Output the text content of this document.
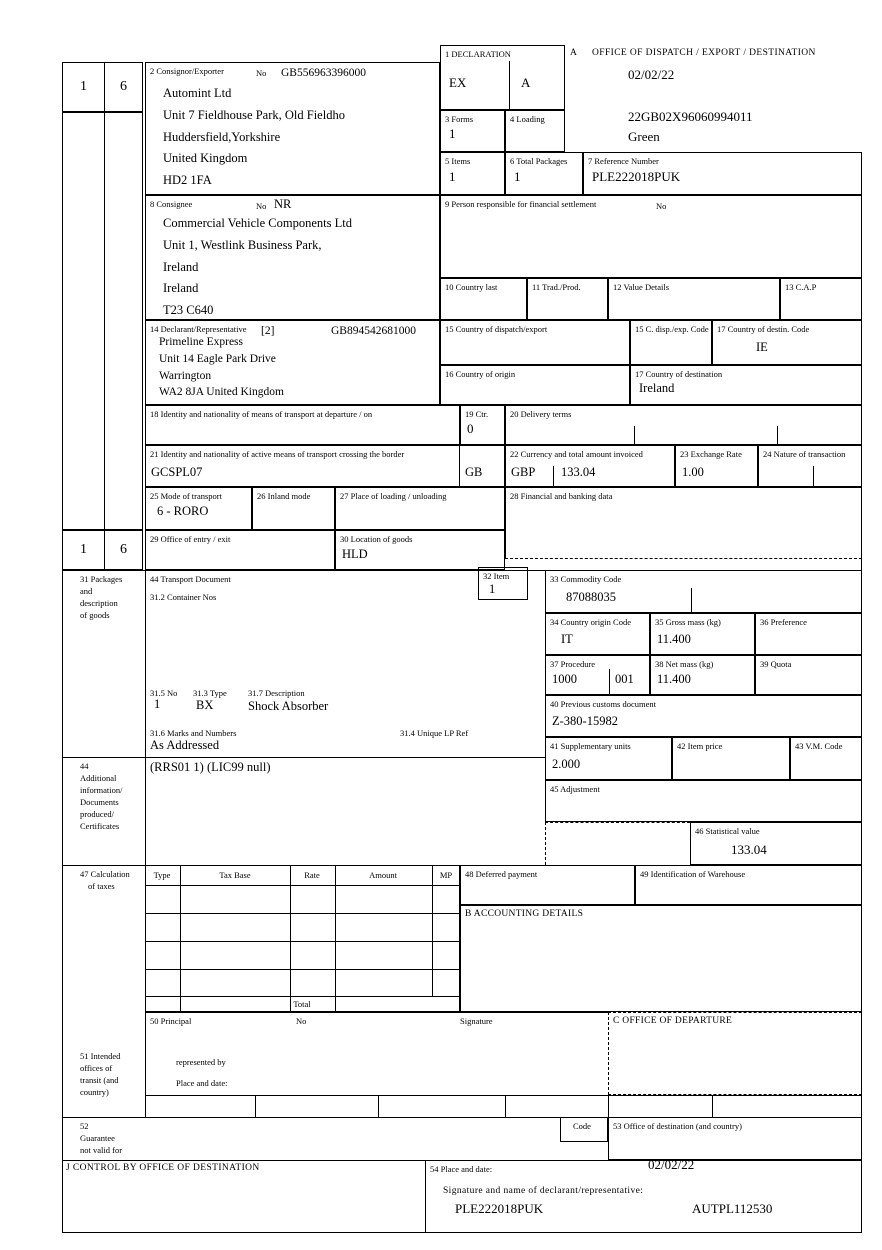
1 6
1 6
1 DECLARATION
EX	A
A OFFICE OF DISPATCH / EXPORT / DESTINATION
02/02/22
22GB02X96060994011
Green
2 Consignor/Exporter	No GB556963396000
Automint Ltd
Unit 7 Fieldhouse Park, Old Fieldho
Huddersfield,Yorkshire
United Kingdom
HD2 1FA
3 Forms
1
4 Loading
5 Items
1
6 Total Packages
1
7 Reference Number
PLE222018PUK
8 Consignee	No NR
Commercial Vehicle Components Ltd
Unit 1, Westlink Business Park,
Ireland
Ireland
T23 C640
9 Person responsible for financial settlement	No
10 Country last	11 Trad./Prod.	12 Value Details	13 C.A.P
14 Declarant/Representative	[2]	GB894542681000
Primeline Express
Unit 14 Eagle Park Drive
Warrington
WA2 8JA United Kingdom
15 Country of dispatch/export	15 C. disp./exp. Code 17 Country of destin. Code
IE
16 Country of origin	17 Country of destination
Ireland
18 Identity and nationality of means of transport at departure / on	19 Ctr.
0
20 Delivery terms
21 Identity and nationality of active means of transport crossing the border
GCSPL07	GB
22 Currency and total amount invoiced
GBP 133.04
23 Exchange Rate
1.00
24 Nature of transaction
25 Mode of transport
6 - RORO
26 Inland mode	27 Place of loading / unloading	28 Financial and banking data
29 Office of entry / exit	30 Location of goods
HLD
31 Packages
and
description
of goods
44 Transport Document
31.2 Container Nos
32 Item
1
33 Commodity Code
87088035
34 Country origin Code
IT
35 Gross mass (kg)
11.400
36 Preference
37 Procedure
1000	001
38 Net mass (kg)
11.400
39 Quota
31.5 No
1
31.3 Type
BX
31.7 Description
Shock Absorber	40 Previous customs document
Z-380-15982
31.6 Marks and Numbers	31.4 Unique LP Ref
As Addressed	41 Supplementary units
2.000
42 Item price	43 V.M. Code
44
Additional
information/
Documents
produced/
Certificates
(RRS01 1) (LIC99 null)
45 Adjustment
46 Statistical value
133.04
47 Calculation
of taxes
Type	Tax Base	Rate	Amount	MP
Total
48 Deferred payment	49 Identification of Warehouse
B ACCOUNTING DETAILS
50 Principal	No	Signature
represented by
Place and date:
C OFFICE OF DEPARTURE
51 Intended
offices of
transit (and
country)
52
Guarantee
not valid for
Code	53 Office of destination (and country)
J CONTROL BY OFFICE OF DESTINATION	54 Place and date:	02/02/22
Signature and name of declarant/representative:
PLE222018PUK	AUTPL112530
